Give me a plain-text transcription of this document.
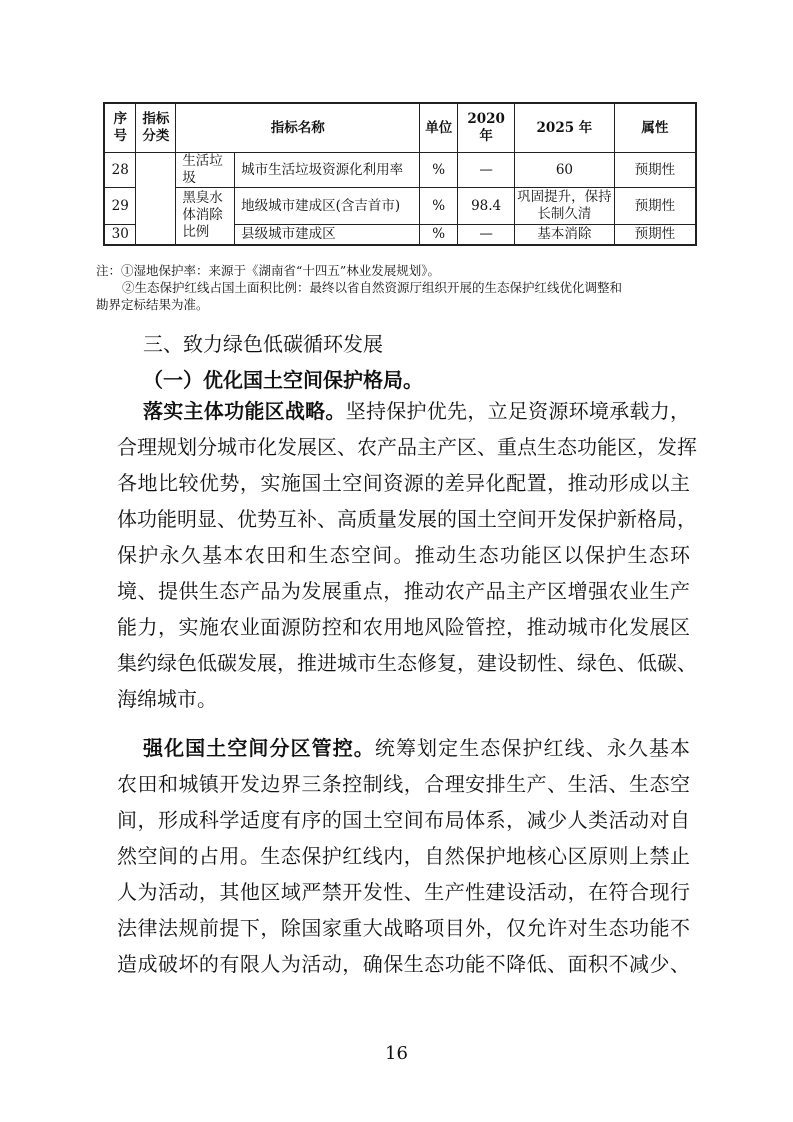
序号	指标分类	指标名称		单位	2020 年	2025 年	属性
28		生活垃圾	城市生活垃圾资源化利用率	%	—	60	预期性
29		黑臭水体消除比例	地级城市建成区(含吉首市)	%	98.4	巩固提升，保持长制久清	预期性
30			县级城市建成区	%	—	基本消除	预期性
注：①湿地保护率：来源于《湖南省“十四五”林业发展规划》。
②生态保护红线占国土面积比例：最终以省自然资源厅组织开展的生态保护红线优化调整和
勘界定标结果为准。
三、致力绿色低碳循环发展
（一）优化国土空间保护格局。
落实主体功能区战略。坚持保护优先，立足资源环境承载力，
合理规划分城市化发展区、农产品主产区、重点生态功能区，发挥
各地比较优势，实施国土空间资源的差异化配置，推动形成以主
体功能明显、优势互补、高质量发展的国土空间开发保护新格局，
保护永久基本农田和生态空间。推动生态功能区以保护生态环
境、提供生态产品为发展重点，推动农产品主产区增强农业生产
能力，实施农业面源防控和农用地风险管控，推动城市化发展区
集约绿色低碳发展，推进城市生态修复，建设韧性、绿色、低碳、
海绵城市。
强化国土空间分区管控。统筹划定生态保护红线、永久基本
农田和城镇开发边界三条控制线，合理安排生产、生活、生态空
间，形成科学适度有序的国土空间布局体系，减少人类活动对自
然空间的占用。生态保护红线内，自然保护地核心区原则上禁止
人为活动，其他区域严禁开发性、生产性建设活动，在符合现行
法律法规前提下，除国家重大战略项目外，仅允许对生态功能不
造成破坏的有限人为活动，确保生态功能不降低、面积不减少、
16
